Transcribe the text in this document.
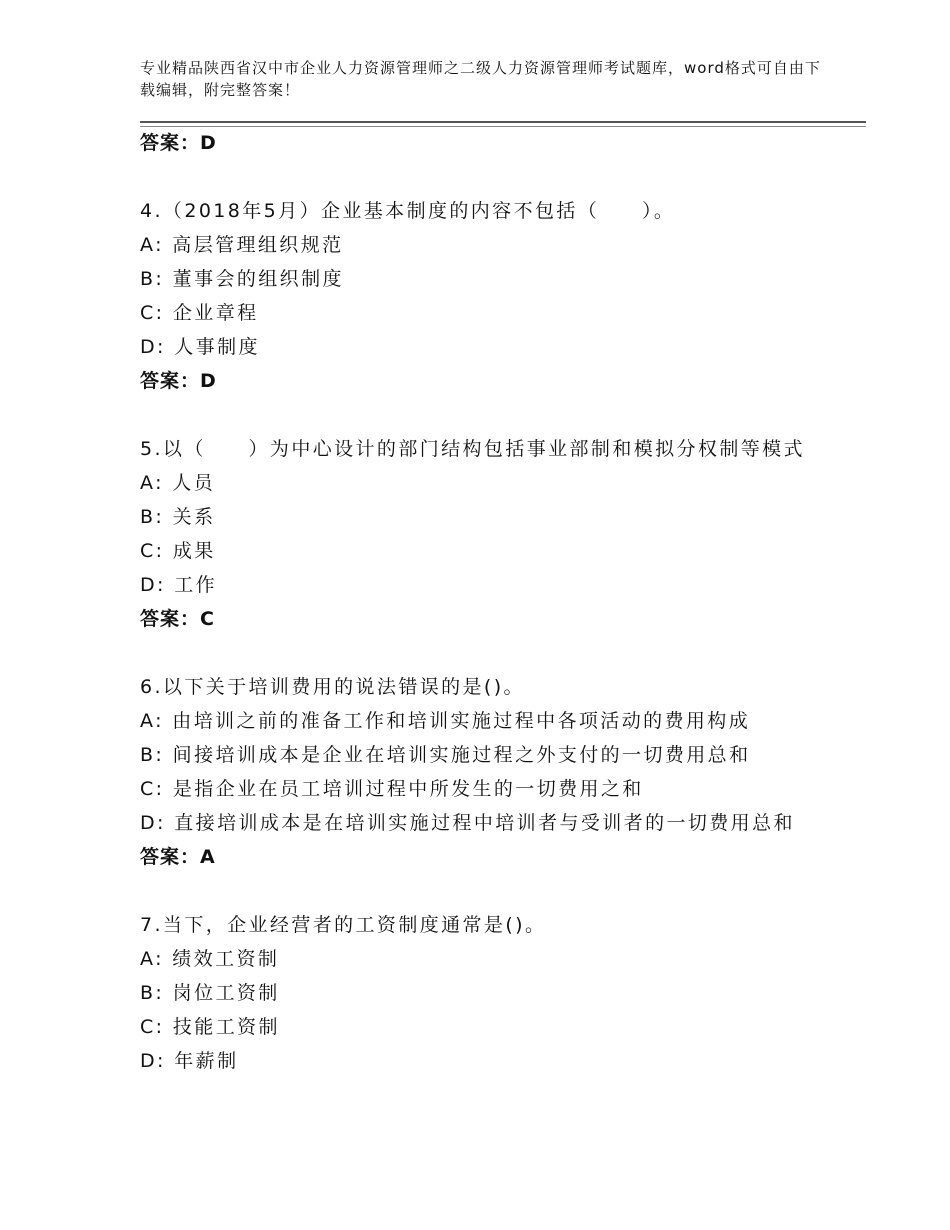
专业精品陕西省汉中市企业人力资源管理师之二级人力资源管理师考试题库，word格式可自由下载编辑，附完整答案！

答案：D

4.（2018年5月）企业基本制度的内容不包括（　　）。

A: 高层管理组织规范

B: 董事会的组织制度

C: 企业章程

D: 人事制度

答案：D

5.以（　　）为中心设计的部门结构包括事业部制和模拟分权制等模式

A: 人员

B: 关系

C: 成果

D: 工作

答案：C

6.以下关于培训费用的说法错误的是()。

A: 由培训之前的准备工作和培训实施过程中各项活动的费用构成

B: 间接培训成本是企业在培训实施过程之外支付的一切费用总和

C: 是指企业在员工培训过程中所发生的一切费用之和

D: 直接培训成本是在培训实施过程中培训者与受训者的一切费用总和

答案：A

7.当下，企业经营者的工资制度通常是()。

A: 绩效工资制

B: 岗位工资制

C: 技能工资制

D: 年薪制
